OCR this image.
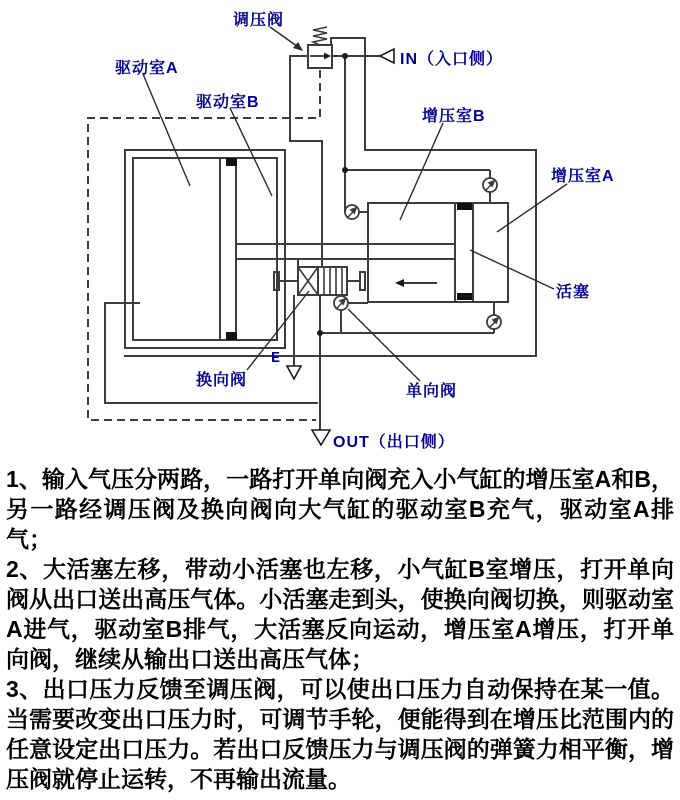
调压阀
IN（入口侧）
驱动室A
驱动室B
增压室B
增压室A
活塞
换向阀
单向阀
OUT（出口侧）
E

1、输入气压分两路，一路打开单向阀充入小气缸的增压室A和B，另一路经调压阀及换向阀向大气缸的驱动室B充气，驱动室A排气；

2、大活塞左移，带动小活塞也左移，小气缸B室增压，打开单向阀从出口送出高压气体。小活塞走到头，使换向阀切换，则驱动室A进气，驱动室B排气，大活塞反向运动，增压室A增压，打开单向阀，继续从输出口送出高压气体；

3、出口压力反馈至调压阀，可以使出口压力自动保持在某一值。当需要改变出口压力时，可调节手轮，便能得到在增压比范围内的任意设定出口压力。若出口反馈压力与调压阀的弹簧力相平衡，增压阀就停止运转，不再输出流量。
